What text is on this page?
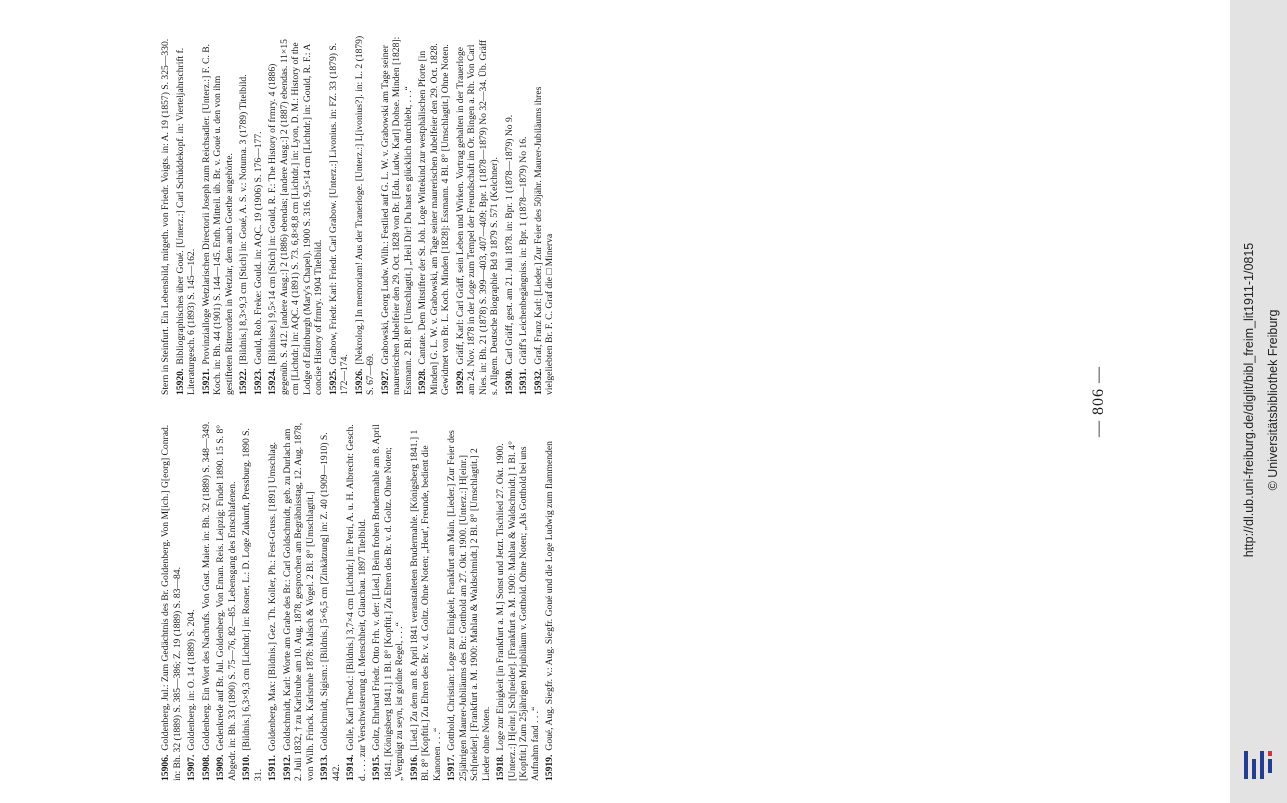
— 806 —
15906.Goldenberg, Jul.: Zum Gedächtnis des Br. Goldenberg. Von M[ich.] G[eorg] Conrad. in: Bh. 32 (1889) S. 385—386; Z. 19 (1889) S. 83—84. 15907.Goldenberg. in: O. 14 (1889) S. 204.
15908.Goldenberg. Ein Wort des Nachrufs. Von Gust. Maier. in: Bh. 32 (1889) S. 348—349.
15909.Gedenkrede auf Br. Jul. Goldenberg. Von Eman. Reis. Leipzig: Findel 1890. 15 S. 8° Abgedr. in: Bh. 33 (1890) S. 75—76, 82—85. Lebensgang des Entschlafenen. 15910.[Bildnis.] 6,3×9,3 cm [Lichtdr.] in: Rosner, L.: D. Loge Zukunft, Pressburg. 1890 S. 31. 15911.Goldenberg, Max: [Bildnis.] Gez. Th. Koller, Ph.: Fest-Gruss. [1891] Umschlag.
15912.Goldschmidt, Karl: Worte am Grabe des Br.: Carl Goldschmidt, geb. zu Durlach am 2. Juli 1832, † zu Karlsruhe am 10. Aug. 1878, gesprochen am Begräbnisstag, 12. Aug. 1878, von Wilh. Frinck. Karlsruhe 1878: Malsch & Vogel. 2 Bl. 8° [Umschlagtit.] 15913.Goldschmidt, Sigism.: [Bildnis.] 5×6,5 cm [Zinkätzung] in: Z. 40 (1909—1910) S. 442. 15914.Golle, Karl Theod.: [Bildnis.] 3,7×4 cm [Lichtdr.] in: Petri, A. u. H. Albrecht: Gesch. d. . . . zur Verschwisterung d. Menschheit, Glauchau. 1897 Titelbild. 15915.Goltz, Ehrhard Friedr. Otto Frh. v. der: [Lied.] Beim frohen Brudermahle am 8. April 1841. [Königsberg 1841.] 1 Bl. 8° [Kopftit.] Zu Ehren des Br. v. d. Goltz. Ohne Noten; „Vergnügt zu seyn, ist goldne Regel, . . .“ 15916.[Lied.] Zu dem am 8. April 1841 veranstalteten Brudermahle. [Königsberg 1841.] 1 Bl. 8° [Kopftit.] Zu Ehren des Br. v. d. Goltz. Ohne Noten; „Heut', Freunde, bedient die Kanonen . . .“ 15917.Gotthold, Christian: Loge zur Einigkeit, Frankfurt am Main. [Lieder.] Zur Feier des 25jährigen Maurer-Jubiläums des Br.: Gotthold am 27. Okt. 1900. [Unterz.:] H[einr.] Sch[neider]. [Frankfurt a. M. 1900: Mahlau & Waldschmidt.] 2 Bl. 8° [Umschlagtit.] 2 Lieder ohne Noten. 15918.Loge zur Einigkeit [in Frankfurt a. M.] Sonst und Jetzt. Tischlied 27. Okt. 1900. [Unterz.:] H[einr.] Sch[neider]. [Frankfurt a. M. 1900: Mahlau & Waldschmidt.] 1 Bl. 4° [Kopftit.] Zum 25jährigen Mrjubiläum v. Gotthold. Ohne Noten; „Als Gotthold bei uns Aufnahm fand . . .“ 15919.Goué, Aug. Siegfr. v.: Aug. Siegfr. Goué und die Loge Ludwig zum flammenden
Stern in Steinfurt. Ein Lebensbild, mitgeth. von Friedr. Voigts. in: A. 19 (1857) S. 325—330. 15920.Bibliographisches über Goué. [Unterz.:] Carl Schüddekopf. in: Vierteljahrschrift f. Literaturgesch. 6 (1893) S. 145—162. 15921.Provinzialloge Wetzlarischen Directorii Joseph zum Reichsadler. [Unterz.:] F. C. B. Koch. in: Bh. 44 (1901) S. 144—145. Enth. Mitteil. üb. Br. v. Goué u. den von ihm gestifteten Ritterorden in Wetzlar, dem auch Goethe angehörte. 15922.[Bildnis.] 8,3×9,3 cm [Stich] in: Goué, A. S. v.: Notuma. 3 (1789) Titelbild.
15923.Gould, Rob. Freke: Gould. in: AQC. 19 (1906) S. 176—177.
15924.[Bildnisse.] 9,5×14 cm [Stich] in: Gould, R. F.: The History of frmry. 4 (1886) gegenüb. S. 412. [andere Ausg.:] 2 (1886) ebendas; [andere Ausg.:] 2 (1887) ebendas. 11×15 cm [Lichtdr.] in: AQC. 4 (1891) S. 73. 6,8×8,8 cm [Lichtdr.] in: Lyon, D. M.: History of the Lodge of Edinburgh (Mary's Chapel). 1900 S. 316. 9,5×14 cm [Lichtdr.] in: Gould, R. F.: A concise History of frmry. 1904 Titelbild. 15925.Grabow, Friedr. Karl: Friedr. Carl Grabow. [Unterz.:] Livonius. in: FZ. 33 (1879) S. 172—174. 15926.[Nekrolog.] In memoriam! Aus der Tranerloge. [Unterz.:] L[ivonius?]. in: L. 2 (1879) S. 67—69. 15927.Grabowski, Georg Ludw. Wilh.: Festlied auf G. L. W. v. Grabowski am Tage seiner maurerischen Jubelfeier den 29. Oct. 1828 von Br. [Edu. Ludw. Karl] Dohse. Minden [1828]: Essmann. 2 Bl. 8° [Umschlagtit.] „Heil Dir! Du hast es glücklich durchlebt, . . .“ 15928.Cantate. Dem Mitstifter der St. Joh. Loge Wittekind zur westphälischen Pforte [in Minden] G. L. W. v. Grabowski, am Tage seiner maurerischen Jubelfeier den 29. Oct. 1828. Gewidmet von Br. L. Koch. Minden [1828]: Essmann. 4 Bl. 8° [Umschlagtit.] Ohne Noten. 15929.Gräff, Karl: Carl Gräff, sein Leben und Wirken. Vortrag gehalten in der Trauerloge am 24. Nov. 1878 in der Loge zum Tempel der Freundschaft im Or. Bingen a. Rh. Von Carl Nies. in: Bh. 21 (1878) S. 399—403, 407—409; Bpr. 1 (1878—1879) No 32—34. Üb. Gräff s. Allgem. Deutsche Biographie Bd 9 1879 S. 571 (Kelchner). 15930.Carl Gräff, gest. am 21. Juli 1878. in: Bpr. 1 (1878—1879) No 9.
15931.Gräff's Leichenbegängniss. in: Bpr. 1 (1878—1879) No 16.
15932.Graf, Franz Karl: [Lieder.] Zur Feier des 50jähr. Maurer-Jubiläums ihres vielgeliebten Br. F. C. Graf die □ Minerva	http://dl.ub.uni-freiburg.de/diglit/bibl_freim_lit1911-1/0815 © Universitätsbibliothek Freiburg
